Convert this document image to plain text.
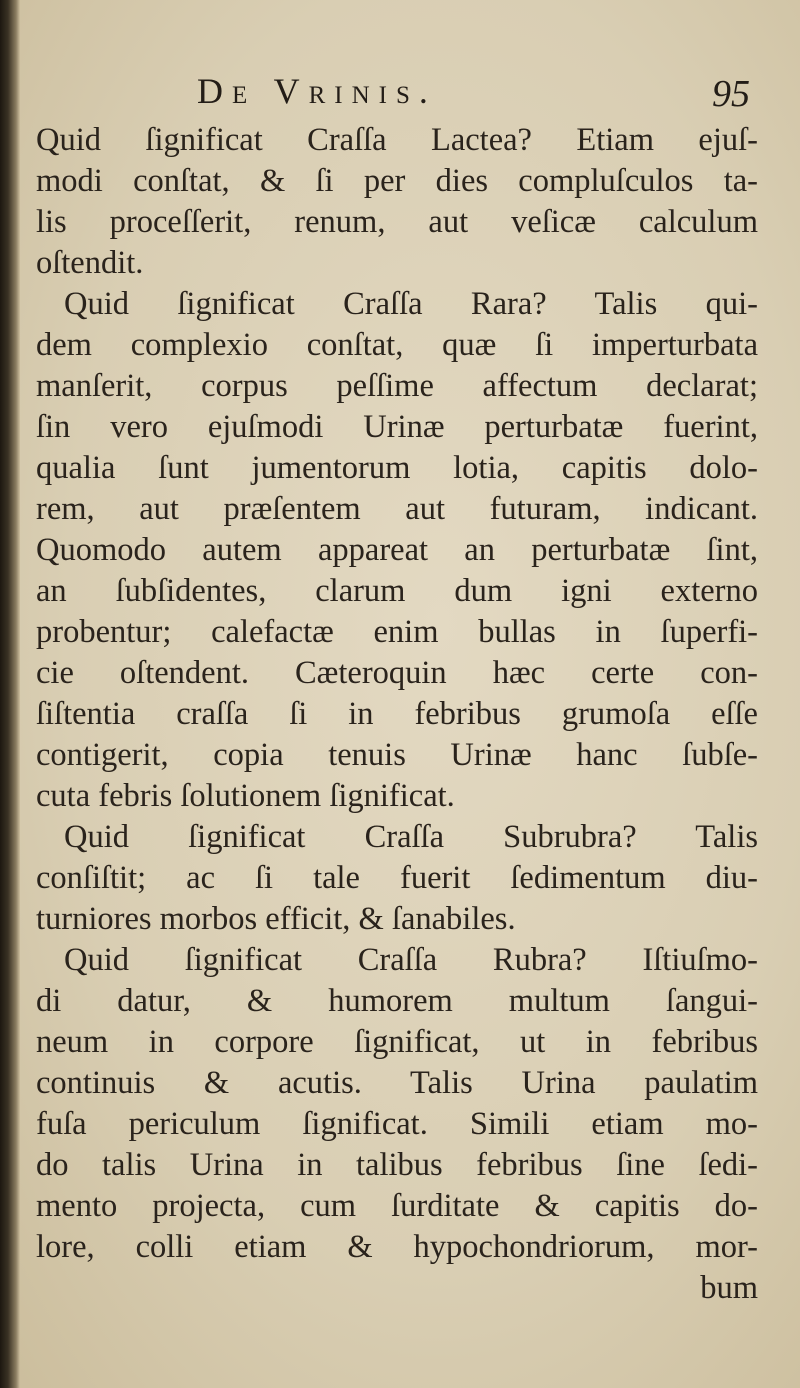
De Vrinis.	95
Quid ſignificat Craſſa Lactea? Etiam ejuſ-
modi conſtat, & ſi per dies compluſculos ta-
lis proceſſerit, renum, aut veſicæ calculum
oſtendit.
Quid ſignificat Craſſa Rara? Talis qui-
dem complexio conſtat, quæ ſi imperturbata
manſerit, corpus peſſime affectum declarat;
ſin vero ejuſmodi Urinæ perturbatæ fuerint,
qualia ſunt jumentorum lotia, capitis dolo-
rem, aut præſentem aut futuram, indicant.
Quomodo autem appareat an perturbatæ ſint,
an ſubſidentes, clarum dum igni externo
probentur; calefactæ enim bullas in ſuperfi-
cie oſtendent. Cæteroquin hæc certe con-
ſiſtentia craſſa ſi in febribus grumoſa eſſe
contigerit, copia tenuis Urinæ hanc ſubſe-
cuta febris ſolutionem ſignificat.
Quid ſignificat Craſſa Subrubra? Talis
conſiſtit; ac ſi tale fuerit ſedimentum diu-
turniores morbos efficit, & ſanabiles.
Quid ſignificat Craſſa Rubra? Iſtiuſmo-
di datur, & humorem multum ſangui-
neum in corpore ſignificat, ut in febribus
continuis & acutis. Talis Urina paulatim
fuſa periculum ſignificat. Simili etiam mo-
do talis Urina in talibus febribus ſine ſedi-
mento projecta, cum ſurditate & capitis do-
lore, colli etiam & hypochondriorum, mor-
bum
